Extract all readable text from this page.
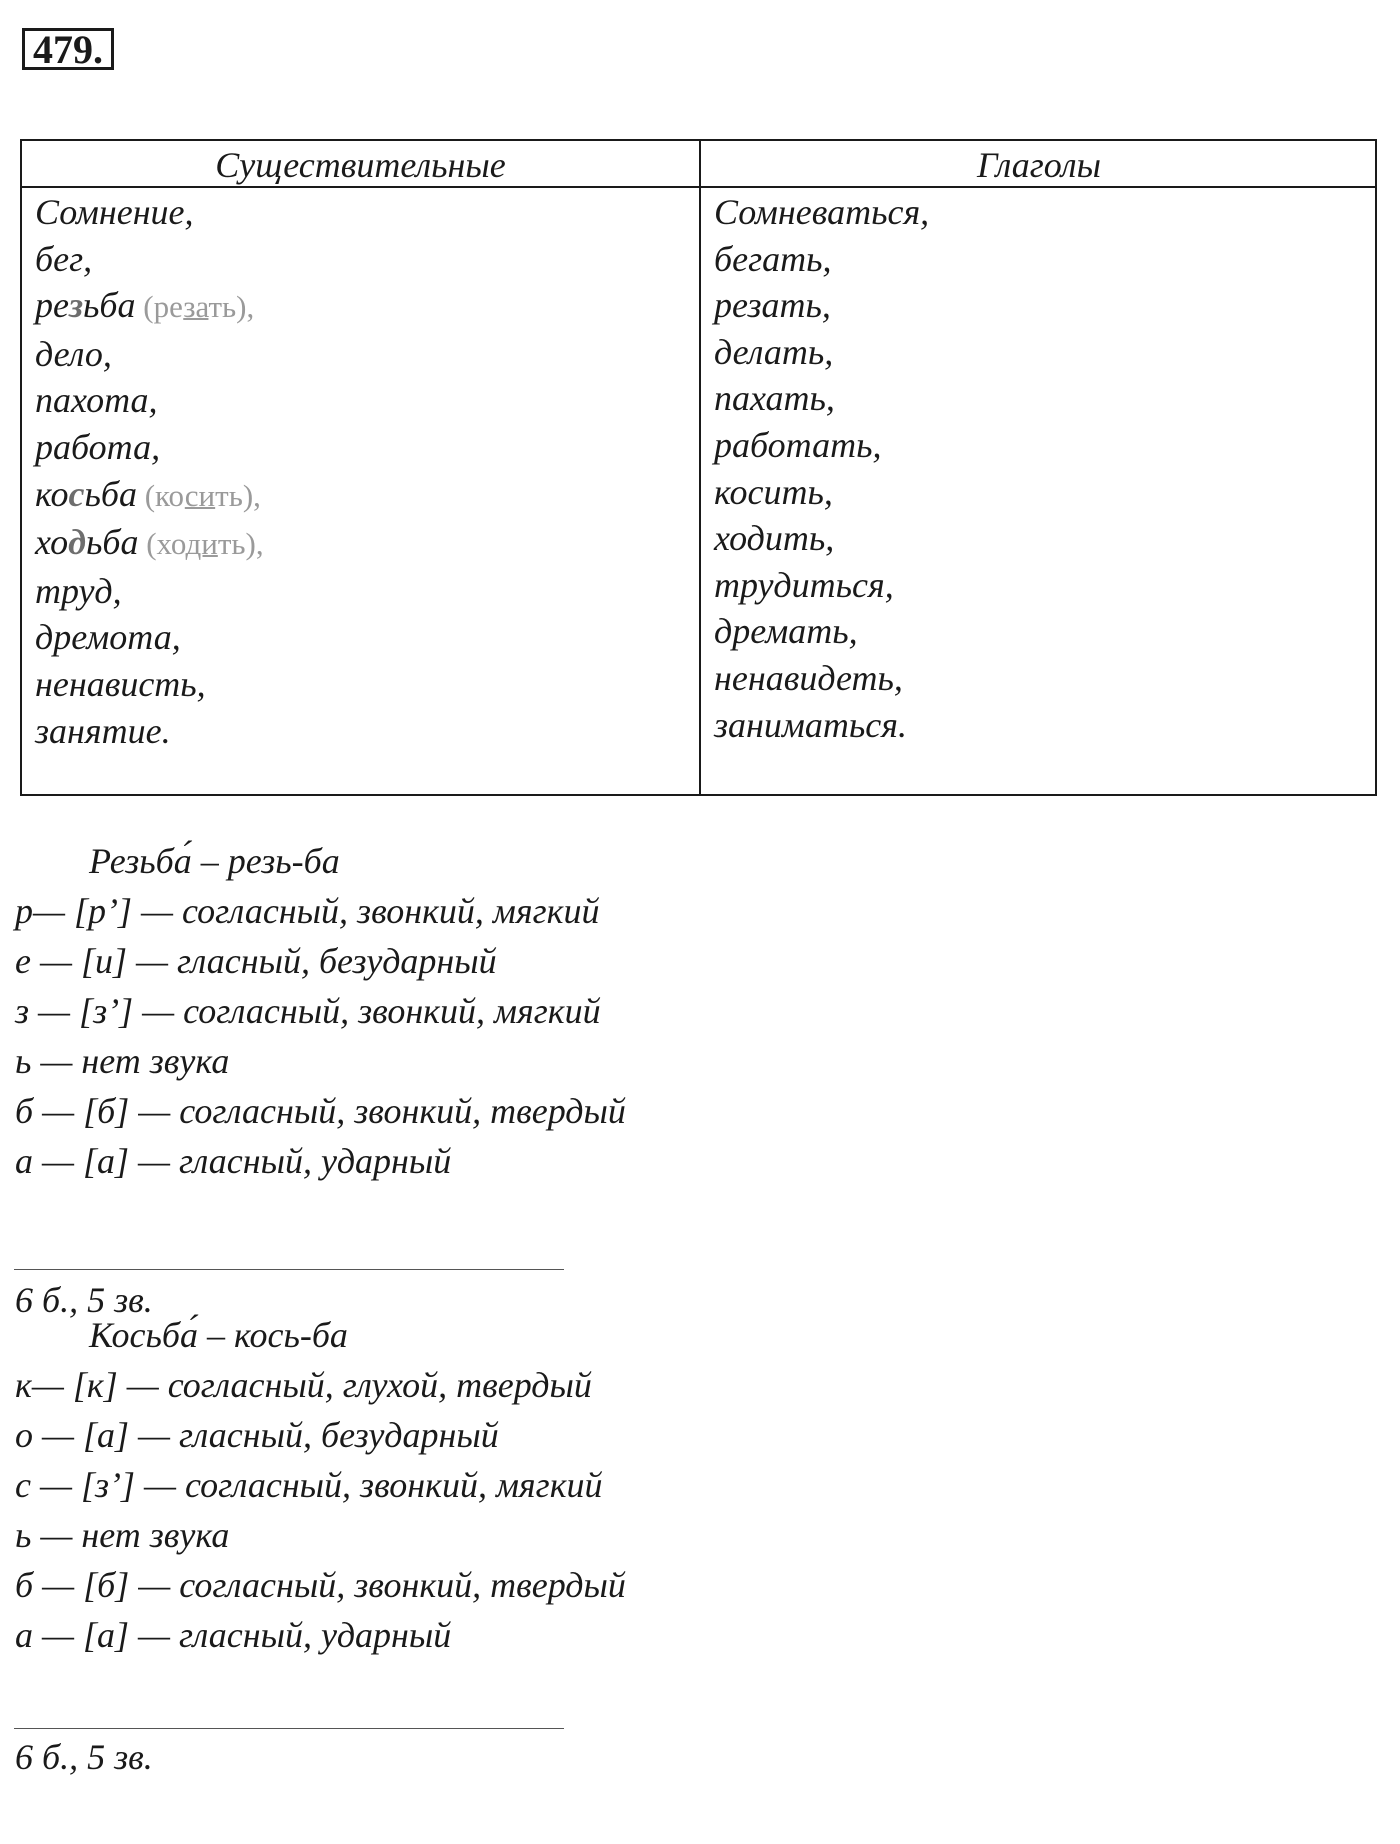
479.
Существительные	Глаголы
Сомнение,
бег,
резьба (резать),
дело,
пахота,
работа,
косьба (косить),
ходьба (ходить),
труд,
дремота,
ненависть,
занятие.
Сомневаться,
бегать,
резать,
делать,
пахать,
работать,
косить,
ходить,
трудиться,
дремать,
ненавидеть,
заниматься.
Резьба́ – резь-ба
р— [р’] — согласный, звонкий, мягкий
е — [и] — гласный, безударный
з — [з’] — согласный, звонкий, мягкий
ь — нет звука
б — [б] — согласный, звонкий, твердый
а — [а] — гласный, ударный
6 б., 5 зв.
Косьба́ – кось-ба
к— [к] — согласный, глухой, твердый
о — [а] — гласный, безударный
с — [з’] — согласный, звонкий, мягкий
ь — нет звука
б — [б] — согласный, звонкий, твердый
а — [а] — гласный, ударный
6 б., 5 зв.
